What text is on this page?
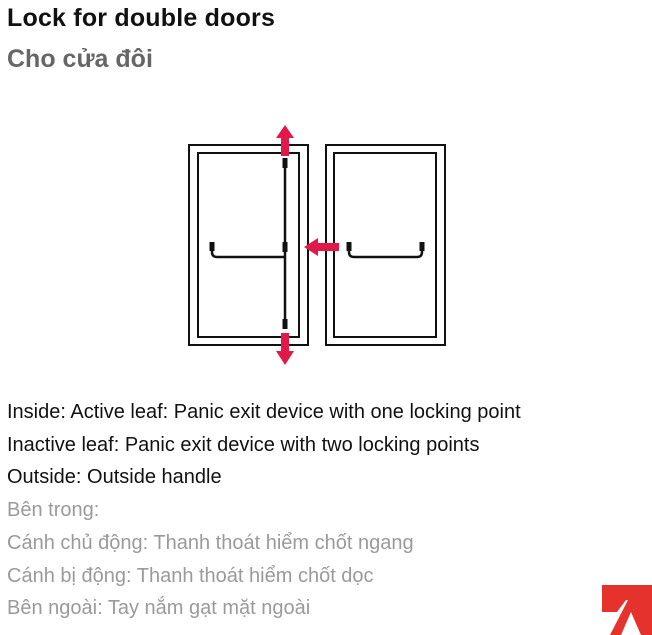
Lock for double doors
Cho cửa đôi
Inside: Active leaf: Panic exit device with one locking point
Inactive leaf: Panic exit device with two locking points
Outside: Outside handle
Bên trong:
Cánh chủ động: Thanh thoát hiểm chốt ngang
Cánh bị động: Thanh thoát hiểm chốt dọc
Bên ngoài: Tay nắm gạt mặt ngoài
